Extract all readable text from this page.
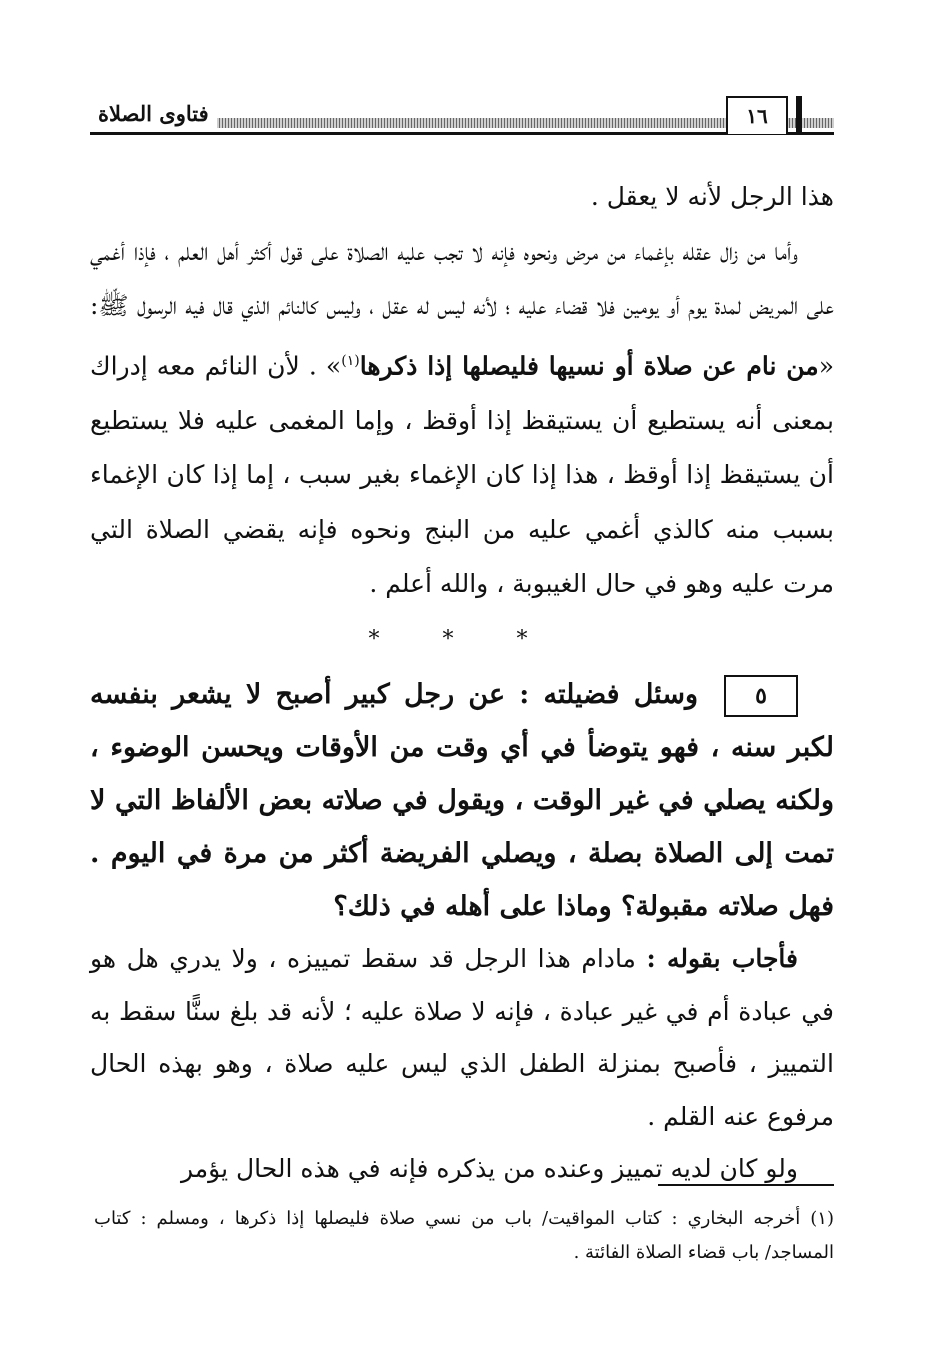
فتاوى الصلاة	١٦

هذا الرجل لأنه لا يعقل .

وأما من زال عقله بإغماء من مرض ونحوه فإنه لا تجب عليه الصلاة على قول أكثر أهل العلم ، فإذا أغمي على المريض لمدة يوم أو يومين فلا قضاء عليه ؛ لأنه ليس له عقل ، وليس كالنائم الذي قال فيه الرسول ﷺ: «من نام عن صلاة أو نسيها فليصلها إذا ذكرها$^{(١)}$» . لأن النائم معه إدراك بمعنى أنه يستطيع أن يستيقظ إذا أوقظ ، وإما المغمى عليه فلا يستطيع أن يستيقظ إذا أوقظ ، هذا إذا كان الإغماء بغير سبب ، إما إذا كان الإغماء بسبب منه كالذي أغمي عليه من البنج ونحوه فإنه يقضي الصلاة التي مرت عليه وهو في حال الغيبوبة ، والله أعلم .

* * *

٥وسئل فضيلته : عن رجل كبير أصبح لا يشعر بنفسه لكبر سنه ، فهو يتوضأ في أي وقت من الأوقات ويحسن الوضوء ، ولكنه يصلي في غير الوقت ، ويقول في صلاته بعض الألفاظ التي لا تمت إلى الصلاة بصلة ، ويصلي الفريضة أكثر من مرة في اليوم . فهل صلاته مقبولة؟ وماذا على أهله في ذلك؟

فأجاب بقوله : مادام هذا الرجل قد سقط تمييزه ، ولا يدري هل هو في عبادة أم في غير عبادة ، فإنه لا صلاة عليه ؛ لأنه قد بلغ سنًّا سقط به التمييز ، فأصبح بمنزلة الطفل الذي ليس عليه صلاة ، وهو بهذه الحال مرفوع عنه القلم .

ولو كان لديه تمييز وعنده من يذكره فإنه في هذه الحال يؤمر

(١) أخرجه البخاري : كتاب المواقيت/ باب من نسي صلاة فليصلها إذا ذكرها ، ومسلم : كتاب المساجد/ باب قضاء الصلاة الفائتة .
